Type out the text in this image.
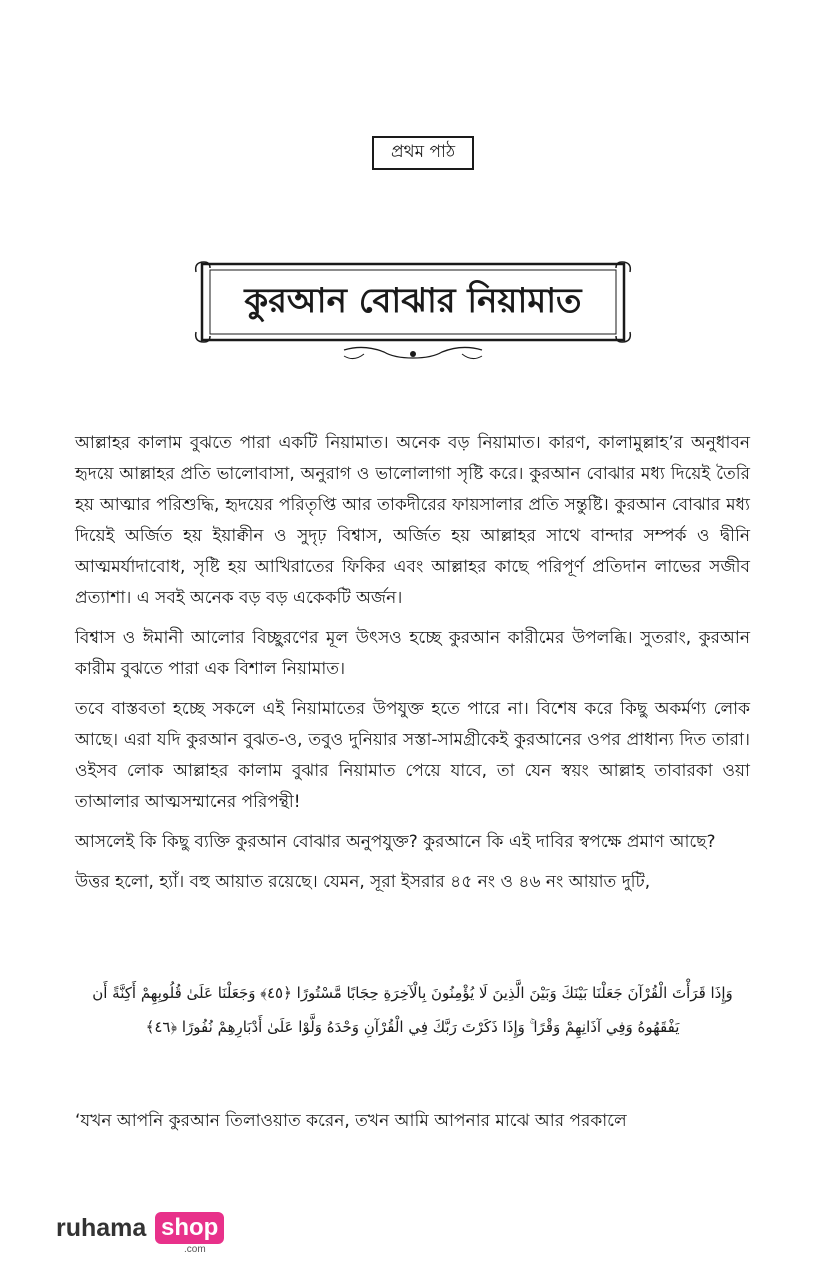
প্রথম পাঠ
কুরআন বোঝার নিয়ামাত

আল্লাহর কালাম বুঝতে পারা একটি নিয়ামাত। অনেক বড় নিয়ামাত। কারণ, কালামুল্লাহ’র অনুধাবন হৃদয়ে আল্লাহর প্রতি ভালোবাসা, অনুরাগ ও ভালোলাগা সৃষ্টি করে। কুরআন বোঝার মধ্য দিয়েই তৈরি হয় আত্মার পরিশুদ্ধি, হৃদয়ের পরিতৃপ্তি আর তাকদীরের ফায়সালার প্রতি সন্তুষ্টি। কুরআন বোঝার মধ্য দিয়েই অর্জিত হয় ইয়াক্বীন ও সুদৃঢ় বিশ্বাস, অর্জিত হয় আল্লাহর সাথে বান্দার সম্পর্ক ও দ্বীনি আত্মমর্যাদাবোধ, সৃষ্টি হয় আখিরাতের ফিকির এবং আল্লাহর কাছে পরিপূর্ণ প্রতিদান লাভের সজীব প্রত্যাশা। এ সবই অনেক বড় বড় একেকটি অর্জন।

বিশ্বাস ও ঈমানী আলোর বিচ্ছুরণের মূল উৎসও হচ্ছে কুরআন কারীমের উপলব্ধি। সুতরাং, কুরআন কারীম বুঝতে পারা এক বিশাল নিয়ামাত।

তবে বাস্তবতা হচ্ছে সকলে এই নিয়ামাতের উপযুক্ত হতে পারে না। বিশেষ করে কিছু অকর্মণ্য লোক আছে। এরা যদি কুরআন বুঝত-ও, তবুও দুনিয়ার সস্তা-সামগ্রীকেই কুরআনের ওপর প্রাধান্য দিত তারা। ওইসব লোক আল্লাহর কালাম বুঝার নিয়ামাত পেয়ে যাবে, তা যেন স্বয়ং আল্লাহ তাবারকা ওয়া তাআলার আত্মসম্মানের পরিপন্থী!

আসলেই কি কিছু ব্যক্তি কুরআন বোঝার অনুপযুক্ত? কুরআনে কি এই দাবির স্বপক্ষে প্রমাণ আছে?

উত্তর হলো, হ্যাঁ। বহু আয়াত রয়েছে। যেমন, সূরা ইসরার ৪৫ নং ও ৪৬ নং আয়াত দুটি,

وَإِذَا قَرَأْتَ الْقُرْآنَ جَعَلْنَا بَيْنَكَ وَبَيْنَ الَّذِينَ لَا يُؤْمِنُونَ بِالْآخِرَةِ حِجَابًا مَّسْتُورًا ﴿٤٥﴾ وَجَعَلْنَا عَلَىٰ قُلُوبِهِمْ أَكِنَّةً أَن يَفْقَهُوهُ وَفِي آذَانِهِمْ وَقْرًا ۚ وَإِذَا ذَكَرْتَ رَبَّكَ فِي الْقُرْآنِ وَحْدَهُ وَلَّوْا عَلَىٰ أَدْبَارِهِمْ نُفُورًا ﴿٤٦﴾
‘যখন আপনি কুরআন তিলাওয়াত করেন, তখন আমি আপনার মাঝে আর পরকালে
ruhama shop
.com
